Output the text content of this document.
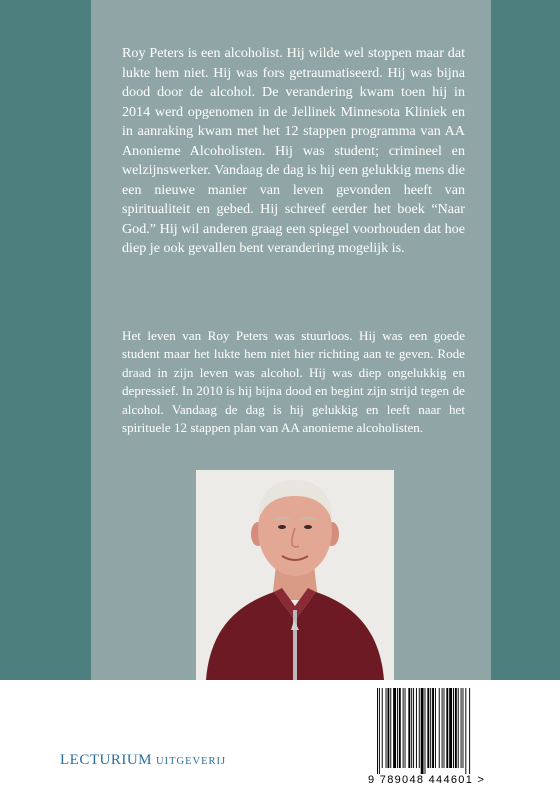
Roy Peters is een alcoholist. Hij wilde wel stoppen maar dat lukte hem niet. Hij was fors getraumatiseerd. Hij was bijna dood door de alcohol. De verandering kwam toen hij in 2014 werd opgenomen in de Jellinek Minnesota Kliniek en in aanraking kwam met het 12 stappen programma van AA Anonieme Alcoholisten. Hij was student; crimineel en welzijnswerker. Vandaag de dag is hij een gelukkig mens die een nieuwe manier van leven gevonden heeft van spiritualiteit en gebed. Hij schreef eerder het boek “Naar God.” Hij wil anderen graag een spiegel voorhouden dat hoe diep je ook gevallen bent verandering mogelijk is.

Het leven van Roy Peters was stuurloos. Hij was een goede student maar het lukte hem niet hier richting aan te geven. Rode draad in zijn leven was alcohol. Hij was diep ongelukkig en depressief. In 2010 is hij bijna dood en begint zijn strijd tegen de alcohol. Vandaag de dag is hij gelukkig en leeft naar het spirituele 12 stappen plan van AA anonieme alcoholisten.

LECTURIUM UITGEVERIJ
9 789048 444601 >
